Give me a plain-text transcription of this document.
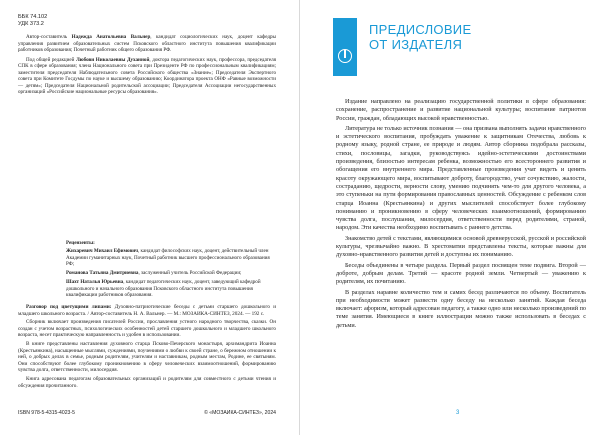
ББК 74.102
УДК 373.2

Автор-составитель Надежда Анатольевна Вальнер, кандидат социологических наук, доцент кафедры управления развитием образовательных систем Псковского областного института повышения квалификации работников образования; Почетный работник общего образования РФ.

Под общей редакцией Любови Николаевны Духанной, доктора педагогических наук, профессора, председателя СПК в сфере образования; члена Национального совета при Президенте РФ по профессиональным квалификациям; заместителя председателя Наблюдательного совета Российского общества «Знание»; Председателя Экспертного совета при Комитете Госдумы по науке и высшему образованию; Координатора проекта ОНФ «Равные возможности — детям»; Председателя Национальной родительской ассоциации; Председателя Ассоциации негосударственных организаций «Российские национальные ресурсы образования».

Рецензенты:
Жихаревич Михаил Ефимович, кандидат философских наук, доцент, действительный член Академии гуманитарных наук, Почетный работник высшего профессионального образования РФ;
Романова Татьяна Дмитриевна, заслуженный учитель Российской Федерации;
Шахт Наталья Юрьевна, кандидат педагогических наук, доцент, заведующий кафедрой дошкольного и начального образования Псковского областного института повышения квалификации работников образования.

Разговор под цветущими липами: Духовно-патриотические беседы с детьми старшего дошкольного и младшего школьного возраста. / Автор-составитель Н. А. Вальнер. — М.: МОЗАИКА-СИНТЕЗ, 2024. — 192 с.

Сборник включает произведения писателей России, прославления устного народного творчества, сказки. Он создан с учетом возрастных, психологических особенностей детей старшего дошкольного и младшего школьного возраста, несет практическую направленность и удобен в использовании.

В книге представлены наставления духовного старца Псково-Печерского монастыря, архимандрита Иоанна (Крестьянкина), насыщенные мыслями, суждениями, поучениями о любви к своей стране, о бережном отношении к ней, о добрых делах в семье, родным родителям, учителям и наставникам, родным местам, Родине, ее святыням. Они способствуют более глубокому проникновению в сферу человеческих взаимоотношений, формированию чувства долга, ответственности, милосердия.

Книга адресована педагогам образовательных организаций и родителям для совместного с детьми чтения и обсуждения прочитанного.

ISBN 978-5-4315-4023-5	© «МОЗАИКА-СИНТЕЗ», 2024
ПРЕДИСЛОВИЕ
ОТ ИЗДАТЕЛЯ

Издание направлено на реализацию государственной политики в сфере образования: сохранение, распространение и развитие национальной культуры; воспитание патриотов России, граждан, обладающих высокой нравственностью.

Литература не только источник познания — она призвана выполнять задачи нравственного и эстетического воспитания, пробуждать уважение к защитникам Отечества, любовь к родному языку, родной стране, ее природе и людям. Автор сборника подобрала рассказы, стихи, пословицы, загадки, руководствуясь идейно-эстетическими достоинствами произведения, близостью интересам ребенка, возможностью его всестороннего развития и обогащения его внутреннего мира. Представленные произведения учат видеть и ценить красоту окружающего мира, воспитывают доброту, благородство, учат сочувствию, жалости, состраданию, щедрости, верности слову, умению подчинять чем-то для другого человека, а это ступеньки на пути формирования православных ценностей. Обсуждение с ребенком слов старца Иоанна (Крестьянкина) и других мыслителей способствует более глубокому пониманию и проникновению в сферу человеческих взаимоотношений, формированию чувства долга, послушания, милосердия, ответственности перед родителями, страной, народом. Эти качества необходимо воспитывать с раннего детства.

Знакомство детей с текстами, являющимися основой древнерусской, русской и российской культуры, чрезвычайно важно. В хрестоматии представлены тексты, которые важны для духовно-нравственного развития детей и доступны их пониманию.

Беседы объединены в четыре раздела. Первый раздел посвящен теме подвига. Второй — доброте, добрым делам. Третий — красоте родной земли. Четвертый — уважению к родителям, их почитанию.

В разделах наравне количество тем и самих бесед различаются по объему. Воспитатель при необходимости может развести одну беседу на несколько занятий. Каждая беседа включает: афоризм, который адресован педагогу, а также одно или несколько произведений по теме занятия. Имеющиеся в книге иллюстрации можно также использовать в беседах с детьми.

3
